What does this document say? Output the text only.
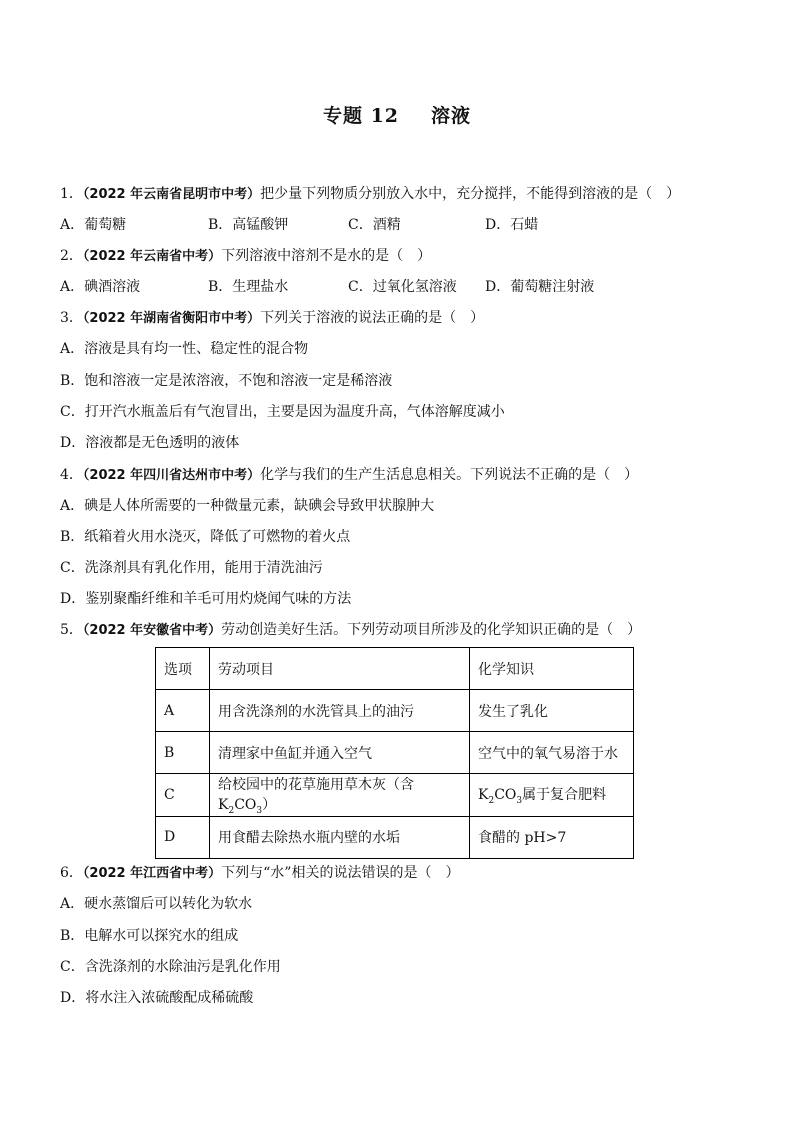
专题 12 溶液
1．（2022 年云南省昆明市中考）把少量下列物质分别放入水中，充分搅拌，不能得到溶液的是（　）
A．葡萄糖	B．高锰酸钾	C．酒精	D．石蜡
2．（2022 年云南省中考）下列溶液中溶剂不是水的是（　）
A．碘酒溶液	B．生理盐水	C．过氧化氢溶液 D．葡萄糖注射液
3．（2022 年湖南省衡阳市中考）下列关于溶液的说法正确的是（　）
A．溶液是具有均一性、稳定性的混合物
B．饱和溶液一定是浓溶液，不饱和溶液一定是稀溶液
C．打开汽水瓶盖后有气泡冒出，主要是因为温度升高，气体溶解度减小
D．溶液都是无色透明的液体
4．（2022 年四川省达州市中考）化学与我们的生产生活息息相关。下列说法不正确的是（　）
A．碘是人体所需要的一种微量元素，缺碘会导致甲状腺肿大
B．纸箱着火用水浇灭，降低了可燃物的着火点
C．洗涤剂具有乳化作用，能用于清洗油污
D．鉴别聚酯纤维和羊毛可用灼烧闻气味的方法
5．（2022 年安徽省中考）劳动创造美好生活。下列劳动项目所涉及的化学知识正确的是（　）
选项	劳动项目	化学知识
A	用含洗涤剂的水洗管具上的油污	发生了乳化
B	清理家中鱼缸并通入空气	空气中的氧气易溶于水
C	给校园中的花草施用草木灰（含 $K_2CO_3$）	$K_2CO_3$属于复合肥料
D	用食醋去除热水瓶内壁的水垢	食醋的 pH>7
6．（2022 年江西省中考）下列与“水”相关的说法错误的是（　）
A．硬水蒸馏后可以转化为软水
B．电解水可以探究水的组成
C．含洗涤剂的水除油污是乳化作用
D．将水注入浓硫酸配成稀硫酸
